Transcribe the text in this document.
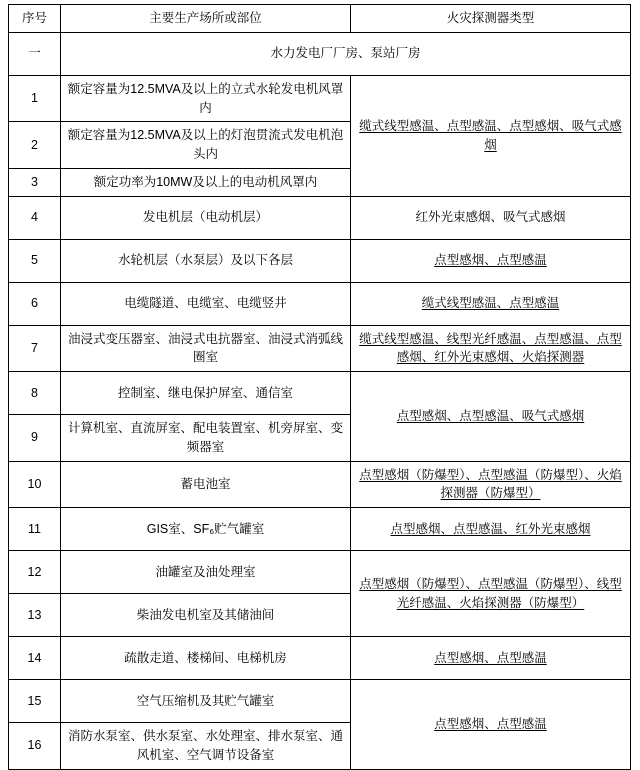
序号	主要生产场所或部位	火灾探测器类型
一	水力发电厂厂房、泵站厂房	
1	额定容量为12.5MVA及以上的立式水轮发电机风罩内	缆式线型感温、点型感温、点型感烟、吸气式感烟
2	额定容量为12.5MVA及以上的灯泡贯流式发电机泡头内	
3	额定功率为10MW及以上的电动机风罩内	
4	发电机层（电动机层）	红外光束感烟、吸气式感烟
5	水轮机层（水泵层）及以下各层	点型感烟、点型感温
6	电缆隧道、电缆室、电缆竖井	缆式线型感温、点型感温
7	油浸式变压器室、油浸式电抗器室、油浸式消弧线圈室	缆式线型感温、线型光纤感温、点型感温、点型感烟、红外光束感烟、火焰探测器
8	控制室、继电保护屏室、通信室	点型感烟、点型感温、吸气式感烟
9	计算机室、直流屏室、配电装置室、机旁屏室、变频器室	
10	蓄电池室	点型感烟（防爆型）、点型感温（防爆型）、火焰探测器（防爆型）
11	GIS室、SF₆贮气罐室	点型感烟、点型感温、红外光束感烟
12	油罐室及油处理室	点型感烟（防爆型）、点型感温（防爆型）、线型光纤感温、火焰探测器（防爆型）
13	柴油发电机室及其储油间	
14	疏散走道、楼梯间、电梯机房	点型感烟、点型感温
15	空气压缩机及其贮气罐室	点型感烟、点型感温
16	消防水泵室、供水泵室、水处理室、排水泵室、通风机室、空气调节设备室	
